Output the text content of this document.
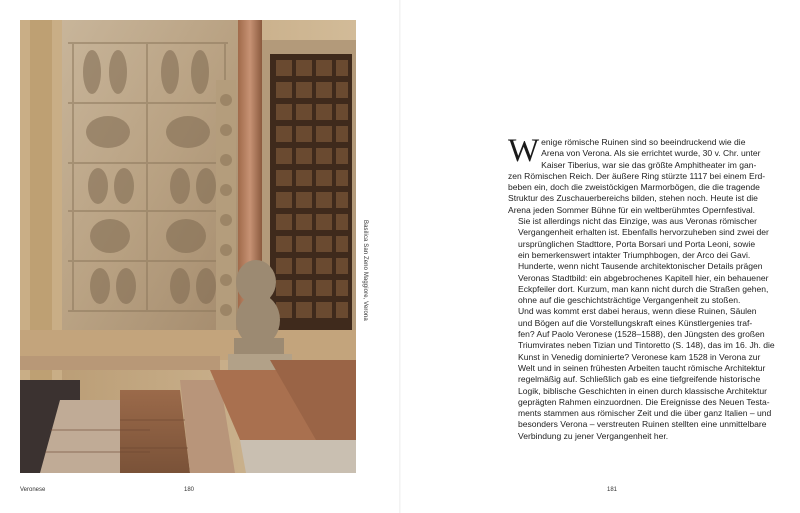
Basilica San Zeno Maggiore, Verona
Veronese	180

W enige römische Ruinen sind so beeindruckend wie die
Arena von Verona. Als sie errichtet wurde, 30 v. Chr. unter
Kaiser Tiberius, war sie das größte Amphitheater im gan-
zen Römischen Reich. Der äußere Ring stürzte 1117 bei einem Erd-
beben ein, doch die zweistöckigen Marmorbögen, die die tragende
Struktur des Zuschauerbereichs bilden, stehen noch. Heute ist die
Arena jeden Sommer Bühne für ein weltberühmtes Opernfestival.

Sie ist allerdings nicht das Einzige, was aus Veronas römischer
Vergangenheit erhalten ist. Ebenfalls hervorzuheben sind zwei der
ursprünglichen Stadttore, Porta Borsari und Porta Leoni, sowie
ein bemerkenswert intakter Triumphbogen, der Arco dei Gavi.
Hunderte, wenn nicht Tausende architektonischer Details prägen
Veronas Stadtbild: ein abgebrochenes Kapitell hier, ein behauener
Eckpfeiler dort. Kurzum, man kann nicht durch die Straßen gehen,
ohne auf die geschichtsträchtige Vergangenheit zu stoßen.

Und was kommt erst dabei heraus, wenn diese Ruinen, Säulen
und Bögen auf die Vorstellungskraft eines Künstlergenies traf-
fen? Auf Paolo Veronese (1528–1588), den Jüngsten des großen
Triumvirates neben Tizian und Tintoretto (S. 148), das im 16. Jh. die
Kunst in Venedig dominierte? Veronese kam 1528 in Verona zur
Welt und in seinen frühesten Arbeiten taucht römische Architektur
regelmäßig auf. Schließlich gab es eine tiefgreifende historische
Logik, biblische Geschichten in einen durch klassische Architektur
geprägten Rahmen einzuordnen. Die Ereignisse des Neuen Testa-
ments stammen aus römischer Zeit und die über ganz Italien – und
besonders Verona – verstreuten Ruinen stellten eine unmittelbare
Verbindung zu jener Vergangenheit her.

181
